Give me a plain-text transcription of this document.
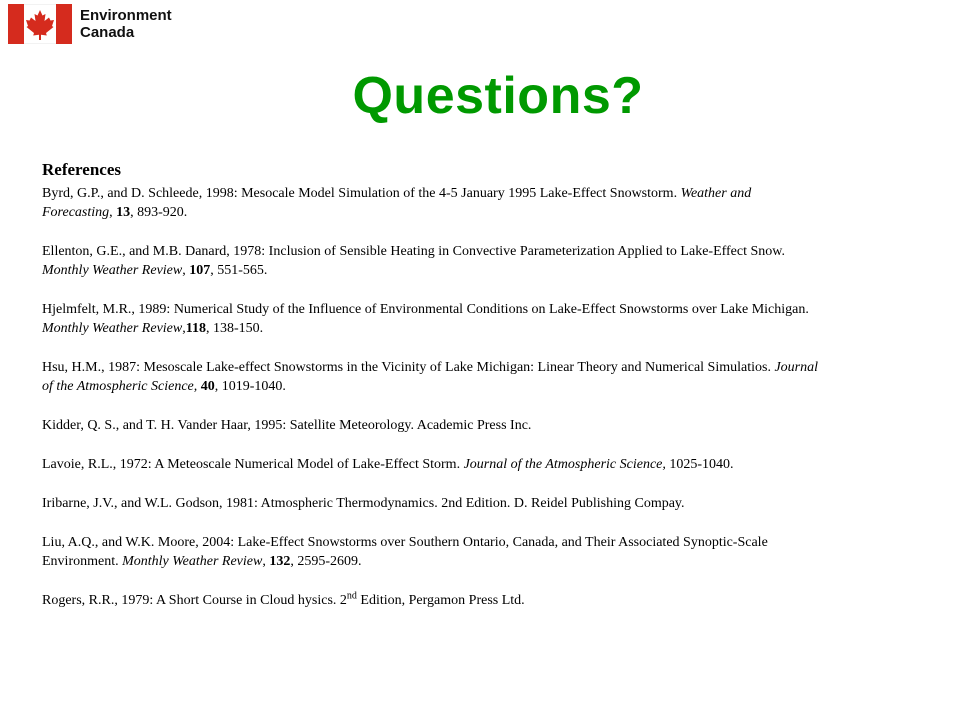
Environment
Canada
Questions?
References

Byrd, G.P., and D. Schleede, 1998: Mesocale Model Simulation of the 4-5 January 1995 Lake-Effect Snowstorm. Weather and Forecasting, 13, 893-920.

Ellenton, G.E., and M.B. Danard, 1978: Inclusion of Sensible Heating in Convective Parameterization Applied to Lake-Effect Snow. Monthly Weather Review, 107, 551-565.

Hjelmfelt, M.R., 1989: Numerical Study of the Influence of Environmental Conditions on Lake-Effect Snowstorms over Lake Michigan. Monthly Weather Review,118, 138-150.

Hsu, H.M., 1987: Mesoscale Lake-effect Snowstorms in the Vicinity of Lake Michigan: Linear Theory and Numerical Simulatios. Journal of the Atmospheric Science, 40, 1019-1040.

Kidder, Q. S., and T. H. Vander Haar, 1995: Satellite Meteorology. Academic Press Inc.

Lavoie, R.L., 1972: A Meteoscale Numerical Model of Lake-Effect Storm. Journal of the Atmospheric Science, 1025-1040.

Iribarne, J.V., and W.L. Godson, 1981: Atmospheric Thermodynamics. 2nd Edition. D. Reidel Publishing Compay.

Liu, A.Q., and W.K. Moore, 2004: Lake-Effect Snowstorms over Southern Ontario, Canada, and Their Associated Synoptic-Scale Environment. Monthly Weather Review, 132, 2595-2609.

Rogers, R.R., 1979: A Short Course in Cloud hysics. 2nd Edition, Pergamon Press Ltd.
